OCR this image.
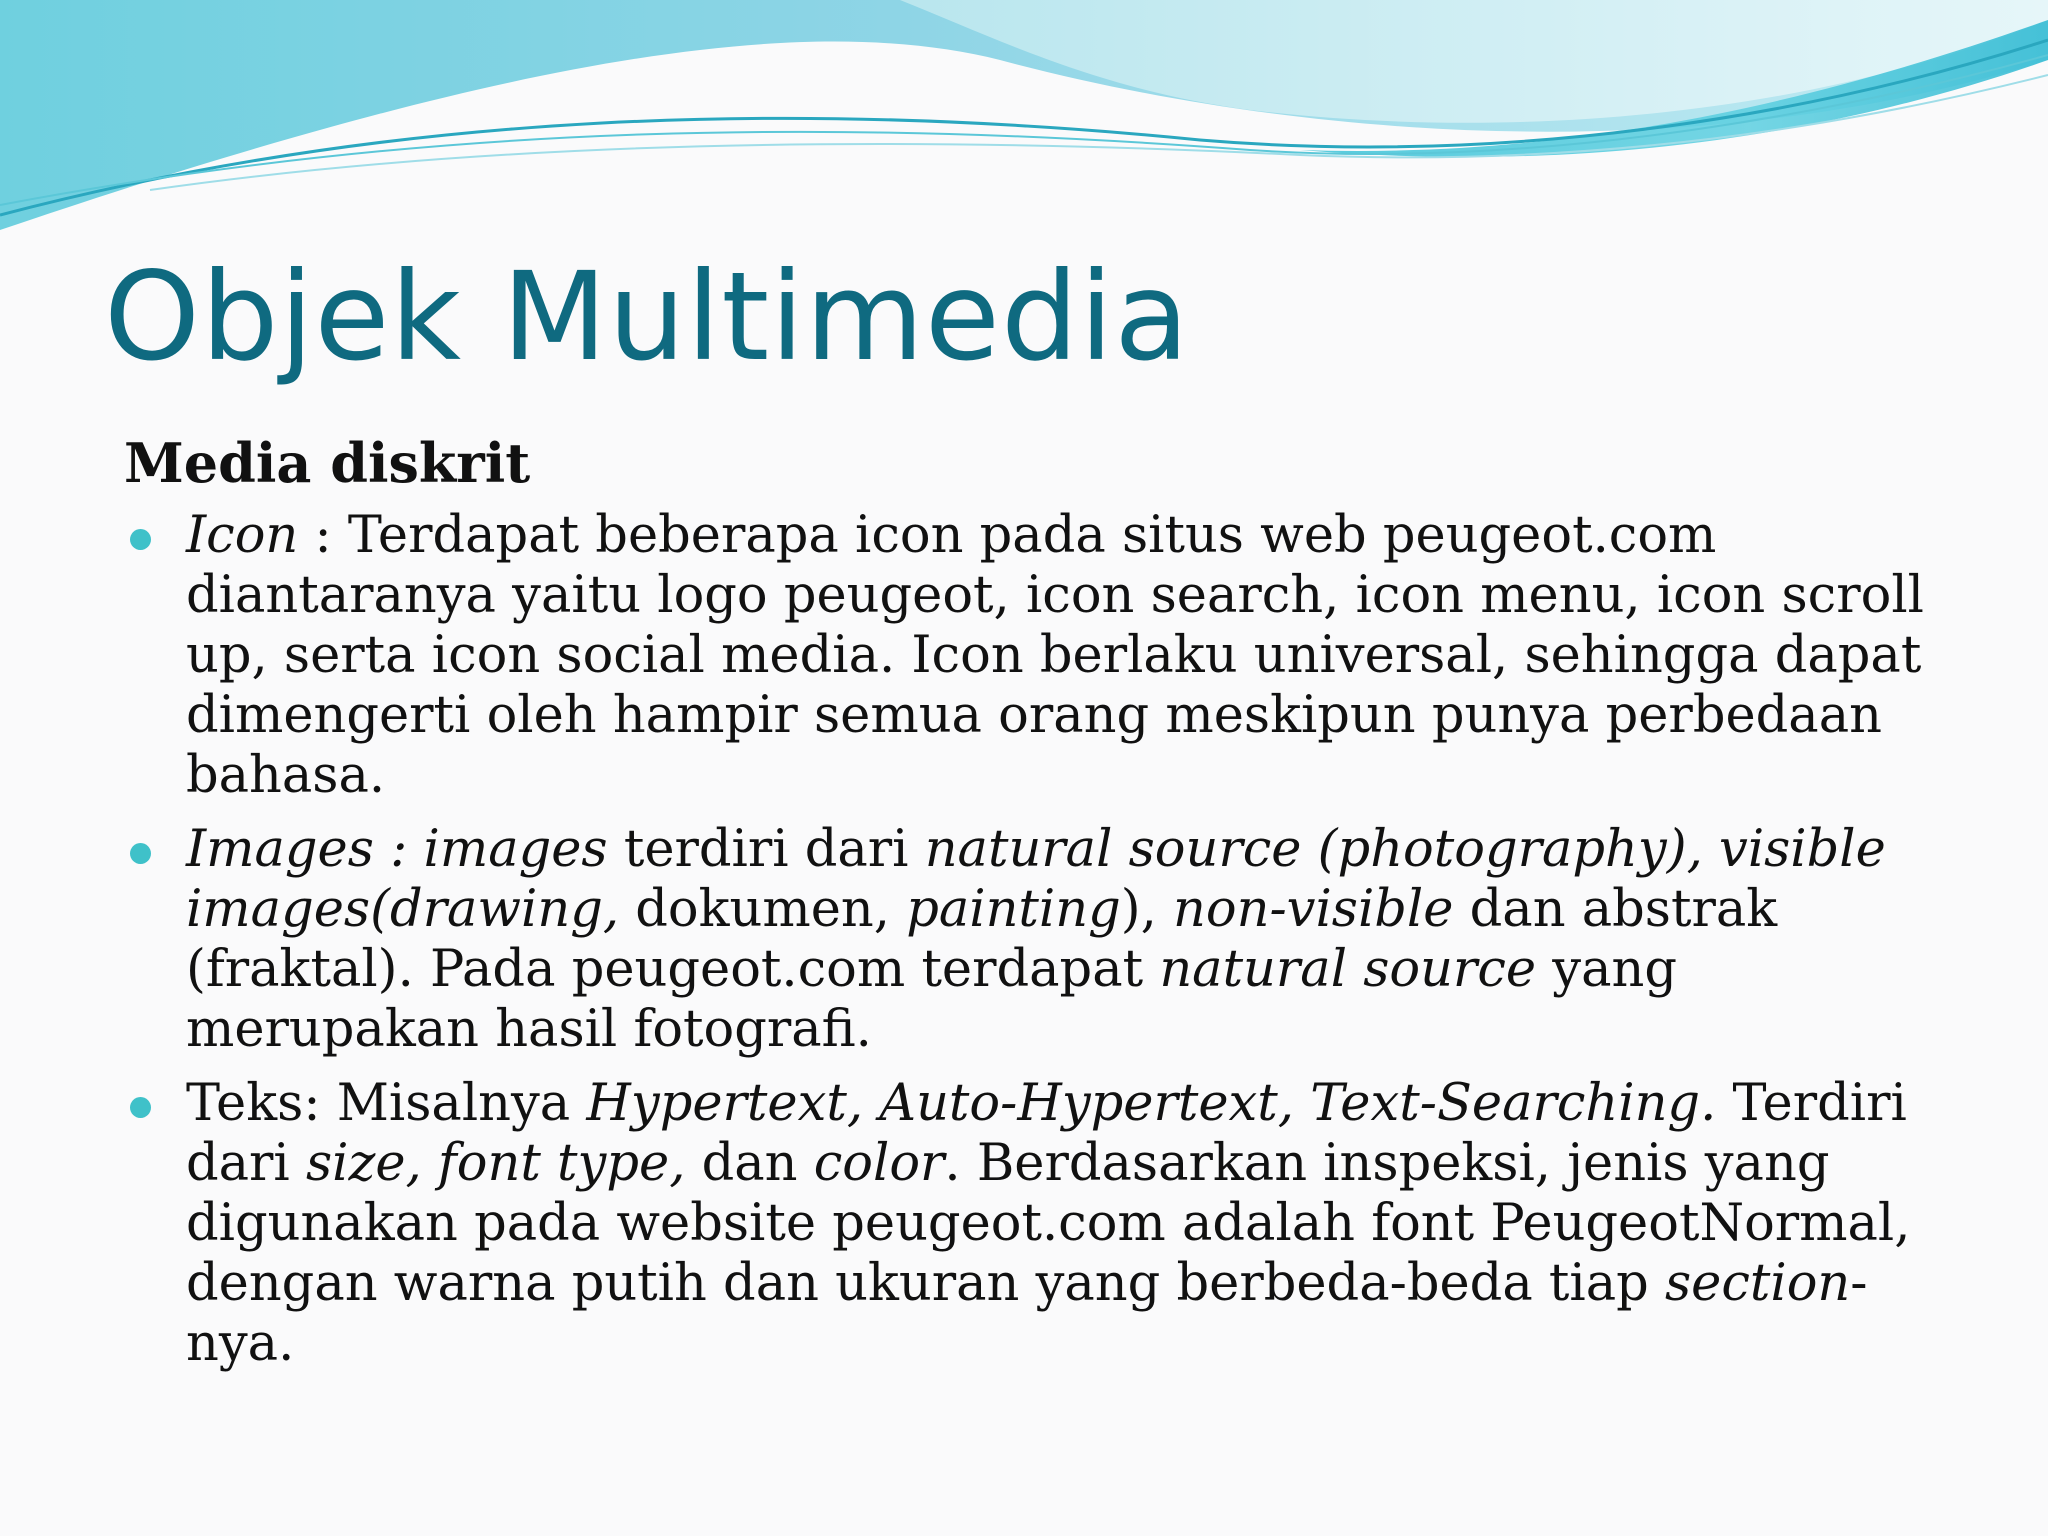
Objek Multimedia
Media diskrit
Icon : Terdapat beberapa icon pada situs web peugeot.com diantaranya yaitu logo peugeot, icon search, icon menu, icon scroll up, serta icon social media. Icon berlaku universal, sehingga dapat dimengerti oleh hampir semua orang meskipun punya perbedaan bahasa.
Images : images terdiri dari natural source (photography), visible images(drawing, dokumen, painting), non-visible dan abstrak (fraktal). Pada peugeot.com terdapat natural source yang merupakan hasil fotografi.
Teks: Misalnya Hypertext, Auto-Hypertext, Text-Searching. Terdiri dari size, font type, dan color. Berdasarkan inspeksi, jenis yang digunakan pada website peugeot.com adalah font PeugeotNormal, dengan warna putih dan ukuran yang berbeda-beda tiap section-nya.
